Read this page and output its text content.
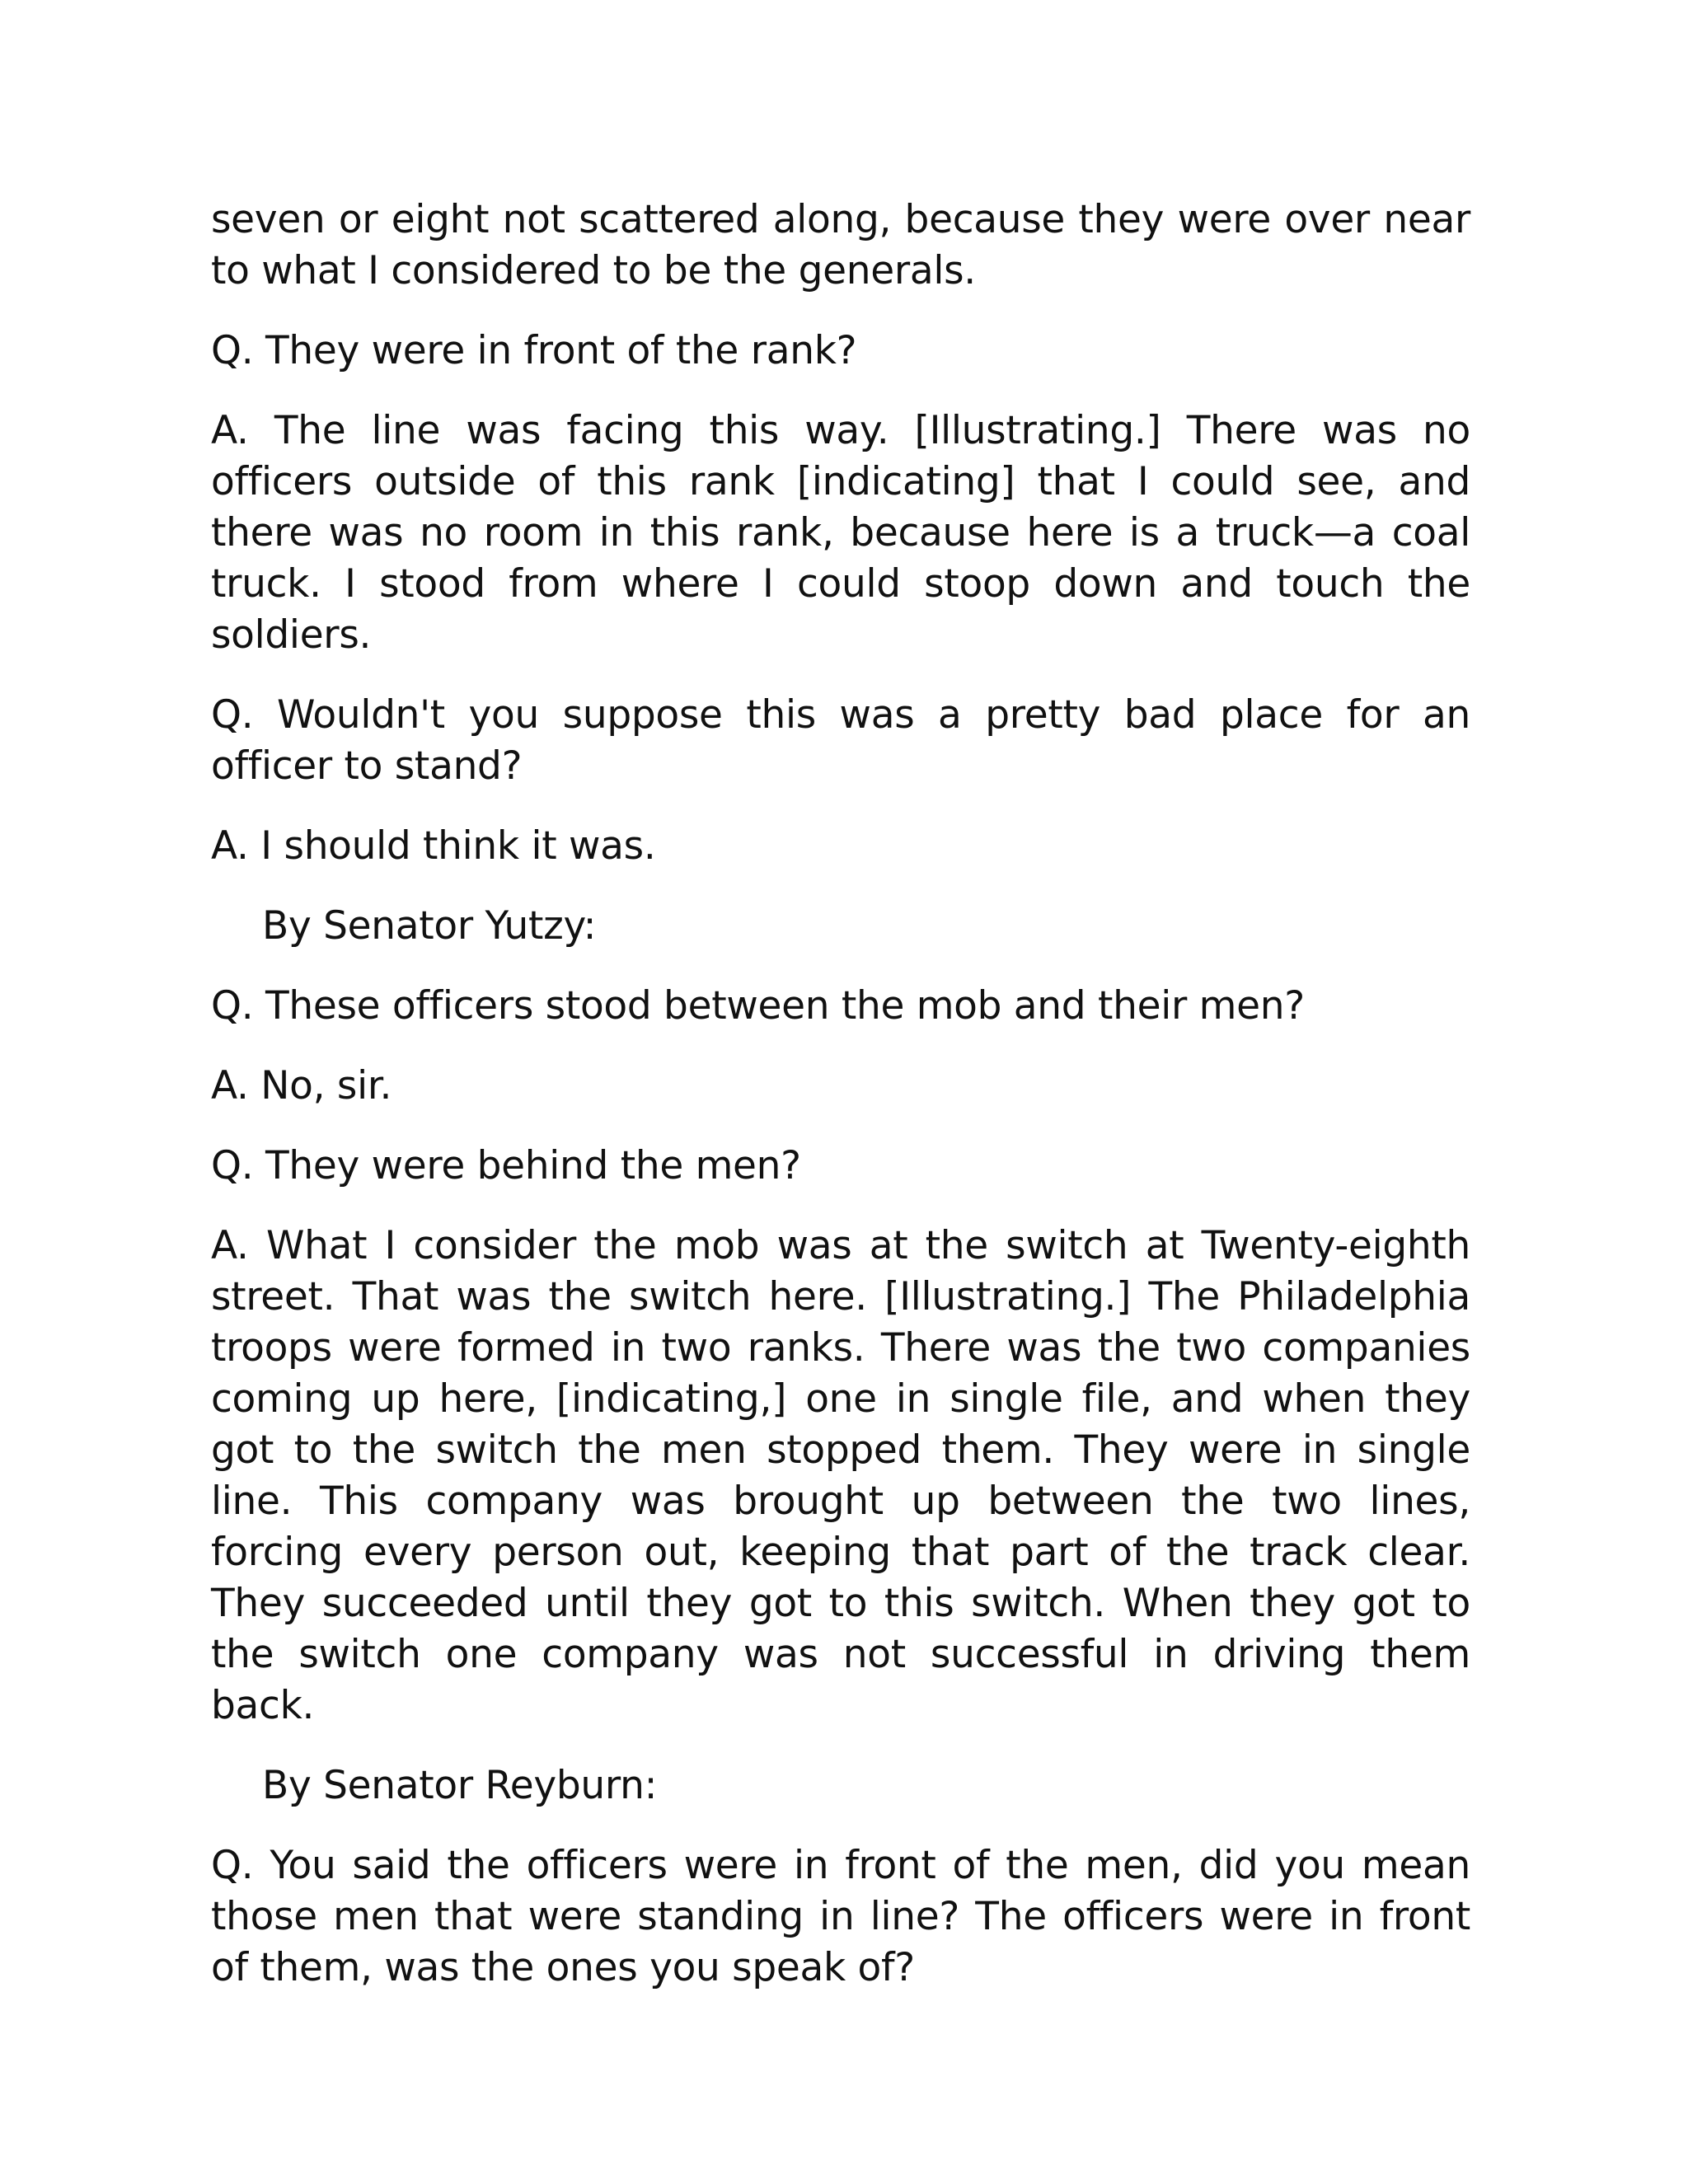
seven or eight not scattered along, because they were over near to what I considered to be the generals.

Q. They were in front of the rank?

A. The line was facing this way. [Illustrating.] There was no officers outside of this rank [indicating] that I could see, and there was no room in this rank, because here is a truck—a coal truck. I stood from where I could stoop down and touch the soldiers.

Q. Wouldn't you suppose this was a pretty bad place for an officer to stand?

A. I should think it was.

By Senator Yutzy:

Q. These officers stood between the mob and their men?

A. No, sir.

Q. They were behind the men?

A. What I consider the mob was at the switch at Twenty-eighth street. That was the switch here. [Illustrating.] The Philadelphia troops were formed in two ranks. There was the two companies coming up here, [indicating,] one in single file, and when they got to the switch the men stopped them. They were in single line. This company was brought up between the two lines, forcing every person out, keeping that part of the track clear. They succeeded until they got to this switch. When they got to the switch one company was not successful in driving them back.

By Senator Reyburn:

Q. You said the officers were in front of the men, did you mean those men that were standing in line? The officers were in front of them, was the ones you speak of?
